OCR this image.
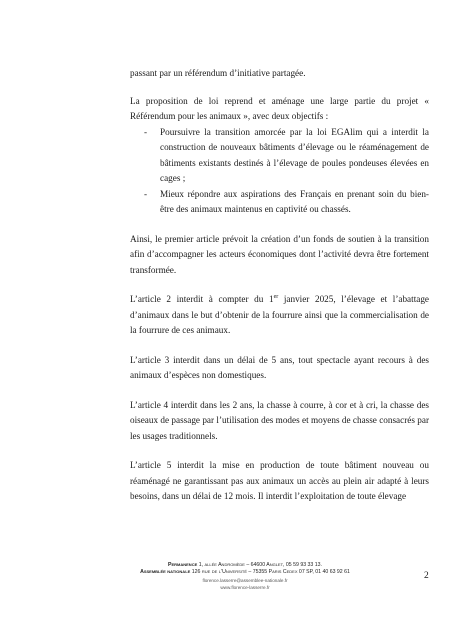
passant par un référendum d’initiative partagée.

La proposition de loi reprend et aménage une large partie du projet « Référendum pour les animaux », avec deux objectifs :

- Poursuivre la transition amorcée par la loi EGAlim qui a interdit la construction de nouveaux bâtiments d’élevage ou le réaménagement de bâtiments existants destinés à l’élevage de poules pondeuses élevées en cages ;
- Mieux répondre aux aspirations des Français en prenant soin du bien-être des animaux maintenus en captivité ou chassés.

Ainsi, le premier article prévoit la création d’un fonds de soutien à la transition afin d’accompagner les acteurs économiques dont l’activité devra être fortement transformée.

L’article 2 interdit à compter du 1er janvier 2025, l’élevage et l’abattage d’animaux dans le but d’obtenir de la fourrure ainsi que la commercialisation de la fourrure de ces animaux.

L’article 3 interdit dans un délai de 5 ans, tout spectacle ayant recours à des animaux d’espèces non domestiques.

L’article 4 interdit dans les 2 ans, la chasse à courre, à cor et à cri, la chasse des oiseaux de passage par l’utilisation des modes et moyens de chasse consacrés par les usages traditionnels.

L’article 5 interdit la mise en production de toute bâtiment nouveau ou réaménagé ne garantissant pas aux animaux un accès au plein air adapté à leurs besoins, dans un délai de 12 mois. Il interdit l’exploitation de toute élevage

Permanence 1, allée Andromède – 64600 Anglet, 05 59 93 33 13.
Assemblée nationale 126 rue de l’Université – 75355 Paris Cedex 07 SP, 01 40 63 92 61
florence.lasserre@assemblee-nationale.fr
www.florence-lasserre.fr
2
